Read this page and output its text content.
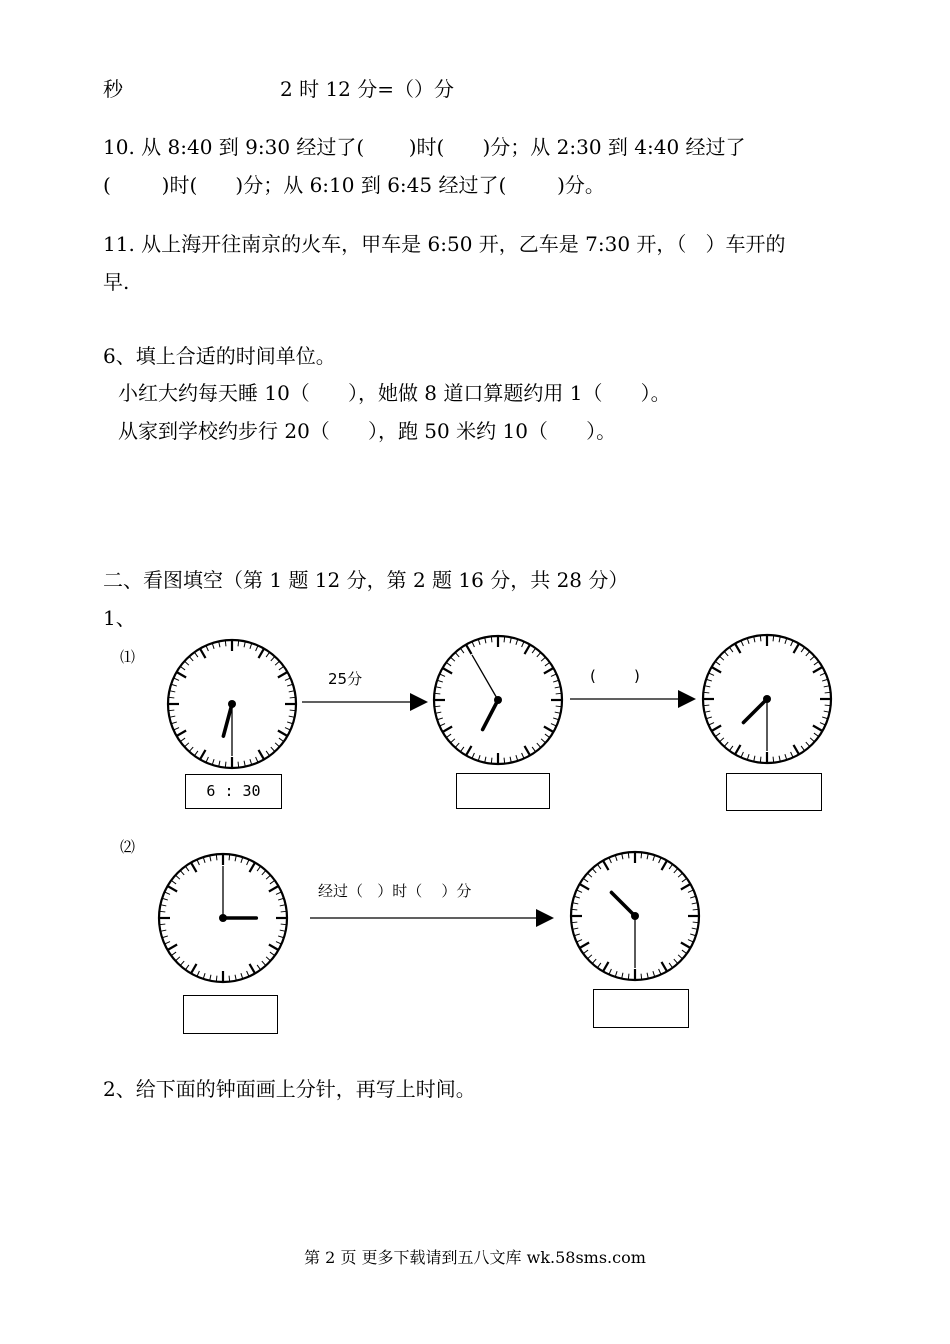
秒	2 时 12 分=（）分
10. 从 8:40 到 9:30 经过了(       )时(      )分；从 2:30 到 4:40 经过了
(        )时(      )分；从 6:10 到 6:45 经过了(        )分。
11. 从上海开往南京的火车，甲车是 6:50 开，乙车是 7:30 开，（   ）车开的
早.
6、填上合适的时间单位。
小红大约每天睡 10（      ），她做 8 道口算题约用 1（      ）。
从家到学校约步行 20（      ），跑 50 米约 10（      ）。
二、看图填空（第 1 题 12 分，第 2 题 16 分，共 28 分）
1、
⑴
25分	(        )
6 : 30
⑵
经过（   ）时（    ）分
2、给下面的钟面画上分针，再写上时间。
第 2 页 更多下载请到五八文库 wk.58sms.com
